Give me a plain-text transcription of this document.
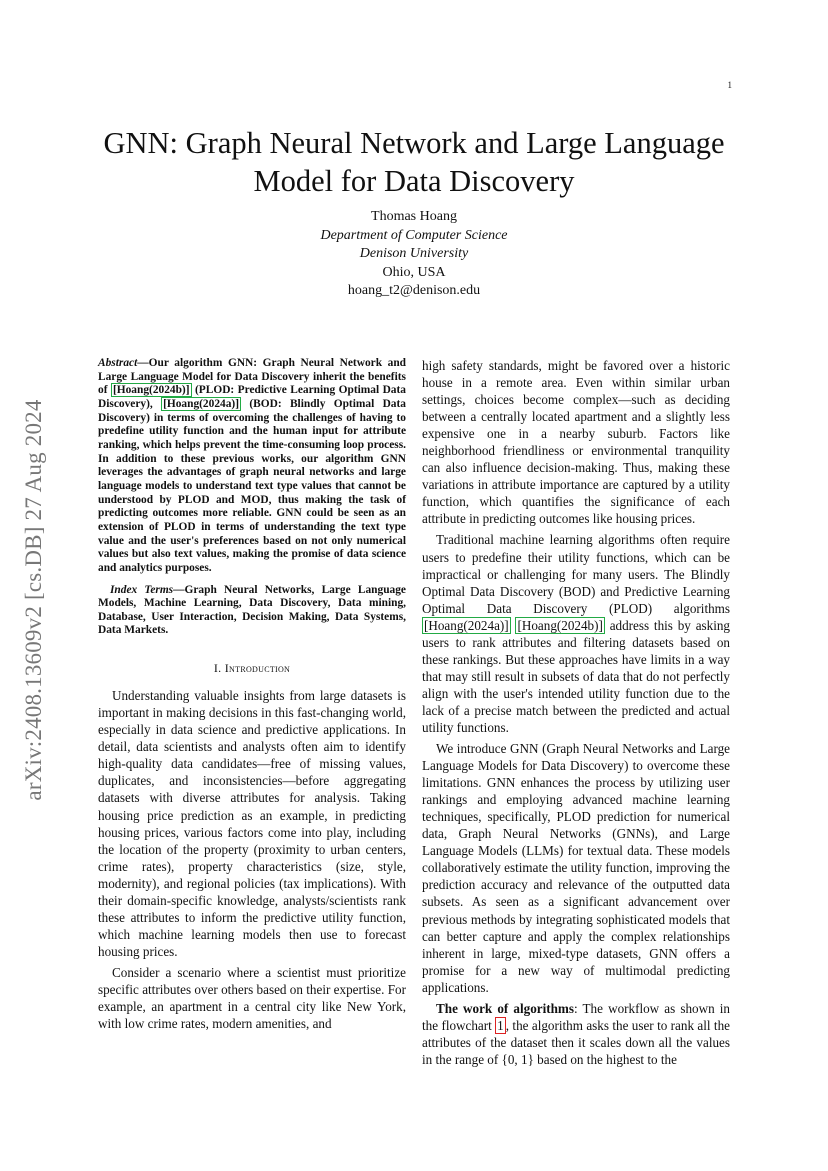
1
arXiv:2408.13609v2 [cs.DB] 27 Aug 2024
GNN: Graph Neural Network and Large Language Model for Data Discovery
Thomas Hoang
Department of Computer Science
Denison University
Ohio, USA
hoang_t2@denison.edu

Abstract—Our algorithm GNN: Graph Neural Network and Large Language Model for Data Discovery inherit the benefits of [Hoang(2024b)] (PLOD: Predictive Learning Optimal Data Discovery), [Hoang(2024a)] (BOD: Blindly Optimal Data Discovery) in terms of overcoming the challenges of having to predefine utility function and the human input for attribute ranking, which helps prevent the time-consuming loop process. In addition to these previous works, our algorithm GNN leverages the advantages of graph neural networks and large language models to understand text type values that cannot be understood by PLOD and MOD, thus making the task of predicting outcomes more reliable. GNN could be seen as an extension of PLOD in terms of understanding the text type value and the user's preferences based on not only numerical values but also text values, making the promise of data science and analytics purposes.

Index Terms—Graph Neural Networks, Large Language Models, Machine Learning, Data Discovery, Data mining, Database, User Interaction, Decision Making, Data Systems, Data Markets.

I. Introduction

Understanding valuable insights from large datasets is important in making decisions in this fast-changing world, especially in data science and predictive applications. In detail, data scientists and analysts often aim to identify high-quality data candidates—free of missing values, duplicates, and inconsistencies—before aggregating datasets with diverse attributes for analysis. Taking housing price prediction as an example, in predicting housing prices, various factors come into play, including the location of the property (proximity to urban centers, crime rates), property characteristics (size, style, modernity), and regional policies (tax implications). With their domain-specific knowledge, analysts/scientists rank these attributes to inform the predictive utility function, which machine learning models then use to forecast housing prices.

Consider a scenario where a scientist must prioritize specific attributes over others based on their expertise. For example, an apartment in a central city like New York, with low crime rates, modern amenities, and

high safety standards, might be favored over a historic house in a remote area. Even within similar urban settings, choices become complex—such as deciding between a centrally located apartment and a slightly less expensive one in a nearby suburb. Factors like neighborhood friendliness or environmental tranquility can also influence decision-making. Thus, making these variations in attribute importance are captured by a utility function, which quantifies the significance of each attribute in predicting outcomes like housing prices.

Traditional machine learning algorithms often require users to predefine their utility functions, which can be impractical or challenging for many users. The Blindly Optimal Data Discovery (BOD) and Predictive Learning Optimal Data Discovery (PLOD) algorithms [Hoang(2024a)] [Hoang(2024b)] address this by asking users to rank attributes and filtering datasets based on these rankings. But these approaches have limits in a way that may still result in subsets of data that do not perfectly align with the user's intended utility function due to the lack of a precise match between the predicted and actual utility functions.

We introduce GNN (Graph Neural Networks and Large Language Models for Data Discovery) to overcome these limitations. GNN enhances the process by utilizing user rankings and employing advanced machine learning techniques, specifically, PLOD prediction for numerical data, Graph Neural Networks (GNNs), and Large Language Models (LLMs) for textual data. These models collaboratively estimate the utility function, improving the prediction accuracy and relevance of the outputted data subsets. As seen as a significant advancement over previous methods by integrating sophisticated models that can better capture and apply the complex relationships inherent in large, mixed-type datasets, GNN offers a promise for a new way of multimodal predicting applications.

The work of algorithms: The workflow as shown in the flowchart 1 , the algorithm asks the user to rank all the attributes of the dataset then it scales down all the values in the range of {0, 1} based on the highest to the
